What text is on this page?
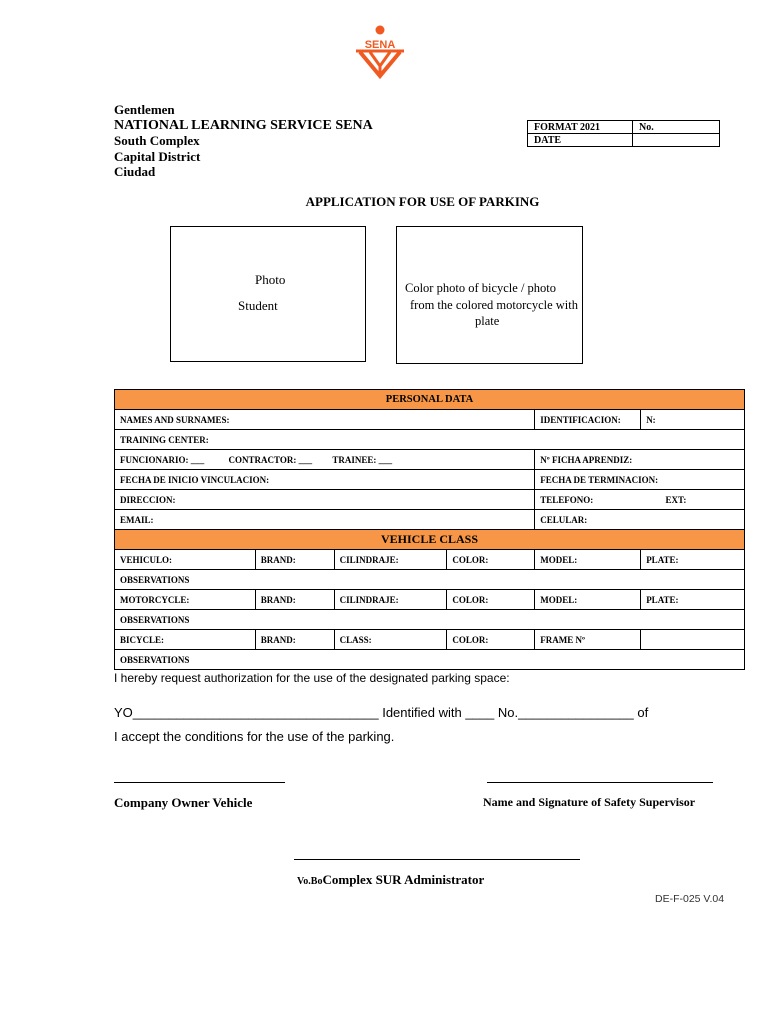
SENA
Gentlemen
NATIONAL LEARNING SERVICE SENA
South Complex
Capital District
Ciudad
FORMAT 2021	No.
DATE	
APPLICATION FOR USE OF PARKING
Photo
Student
Color photo of bicycle / photo
from the colored motorcycle with
plate
PERSONAL DATA					
NAMES AND SURNAMES:				IDENTIFICACION:	N:
TRAINING CENTER:					
FUNCIONARIO: ___ CONTRACTOR: ___ TRAINEE: ___				Nº FICHA APRENDIZ:	
FECHA DE INICIO VINCULACION:				FECHA DE TERMINACION:	
DIRECCION:				TELEFONO: EXT:	
EMAIL:				CELULAR:	
VEHICLE CLASS					
VEHICULO:	BRAND:	CILINDRAJE:	COLOR:	MODEL:	PLATE:
OBSERVATIONS					
MOTORCYCLE:	BRAND:	CILINDRAJE:	COLOR:	MODEL:	PLATE:
OBSERVATIONS					
BICYCLE:	BRAND:	CLASS:	COLOR:	FRAME Nº	
OBSERVATIONS					
I hereby request authorization for the use of the designated parking space:
YO__________________________________ Identified with ____ No.________________ of
I accept the conditions for the use of the parking.
Company Owner Vehicle	Name and Signature of Safety Supervisor
Vo.BoComplex SUR Administrator
DE-F-025 V.04
